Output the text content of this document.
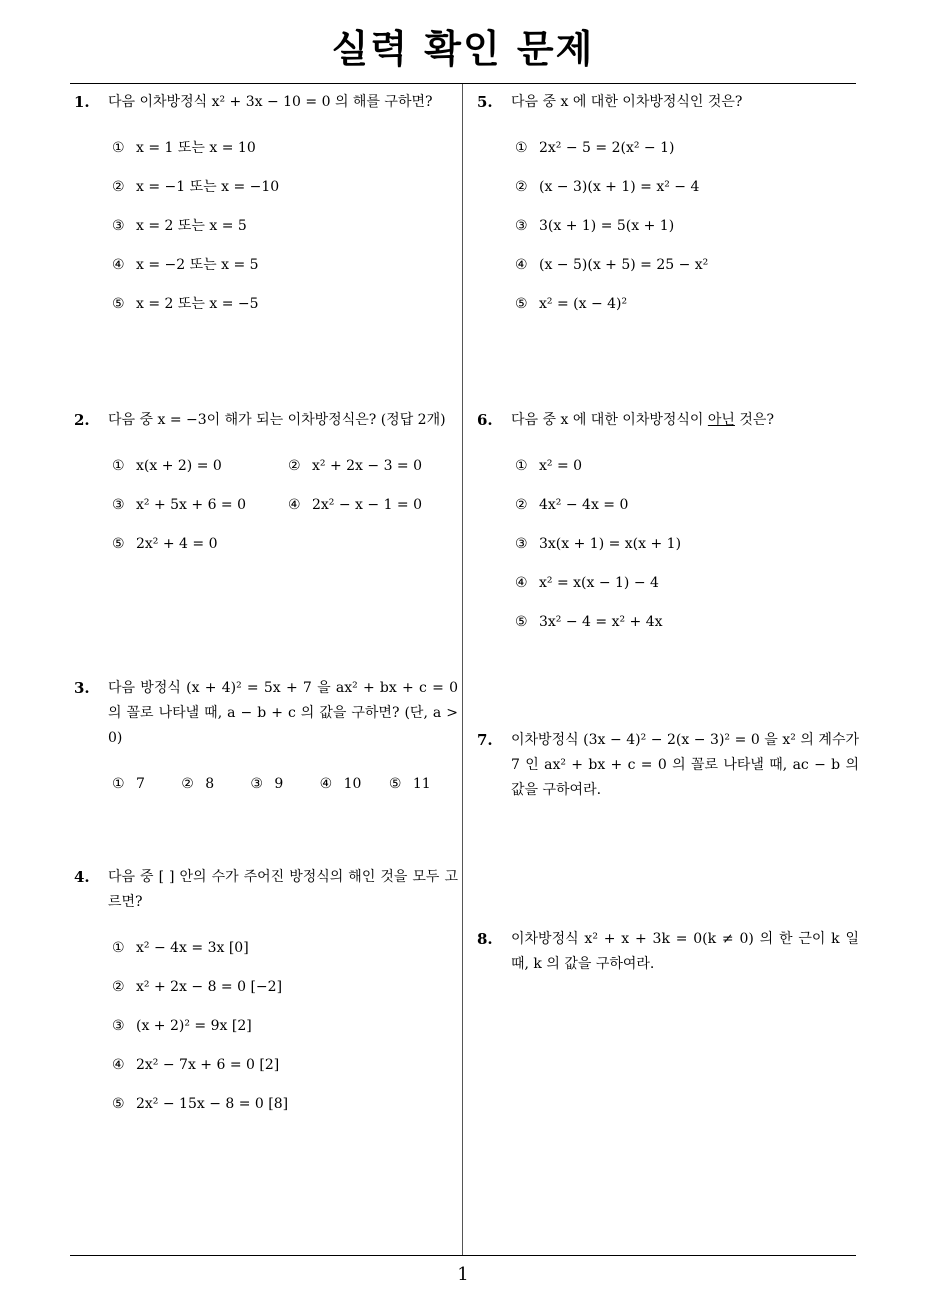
실력 확인 문제
1
1. 다음 이차방정식 x² + 3x − 10 = 0 의 해를 구하면?
① x = 1 또는 x = 10
② x = −1 또는 x = −10
③ x = 2 또는 x = 5
④ x = −2 또는 x = 5
⑤ x = 2 또는 x = −5
2. 다음 중 x = −3이 해가 되는 이차방정식은? (정답 2개)
① x(x + 2) = 0	② x² + 2x − 3 = 0
③ x² + 5x + 6 = 0	④ 2x² − x − 1 = 0
⑤ 2x² + 4 = 0
3. 다음 방정식 (x + 4)² = 5x + 7 을 ax² + bx + c = 0 의 꼴로 나타낼 때, a − b + c 의 값을 구하면? (단, a > 0)
① 7	② 8	③ 9	④ 10	⑤ 11
4. 다음 중 [ ] 안의 수가 주어진 방정식의 해인 것을 모두 고르면?
① x² − 4x = 3x [0]
② x² + 2x − 8 = 0 [−2]
③ (x + 2)² = 9x [2]
④ 2x² − 7x + 6 = 0 [2]
⑤ 2x² − 15x − 8 = 0 [8]
5. 다음 중 x 에 대한 이차방정식인 것은?
① 2x² − 5 = 2(x² − 1)
② (x − 3)(x + 1) = x² − 4
③ 3(x + 1) = 5(x + 1)
④ (x − 5)(x + 5) = 25 − x²
⑤ x² = (x − 4)²
6. 다음 중 x 에 대한 이차방정식이 아닌 것은?
① x² = 0
② 4x² − 4x = 0
③ 3x(x + 1) = x(x + 1)
④ x² = x(x − 1) − 4
⑤ 3x² − 4 = x² + 4x
7. 이차방정식 (3x − 4)² − 2(x − 3)² = 0 을 x² 의 계수가 7 인 ax² + bx + c = 0 의 꼴로 나타낼 때, ac − b 의 값을 구하여라.
8. 이차방정식 x² + x + 3k = 0(k ≠ 0) 의 한 근이 k 일 때, k 의 값을 구하여라.
